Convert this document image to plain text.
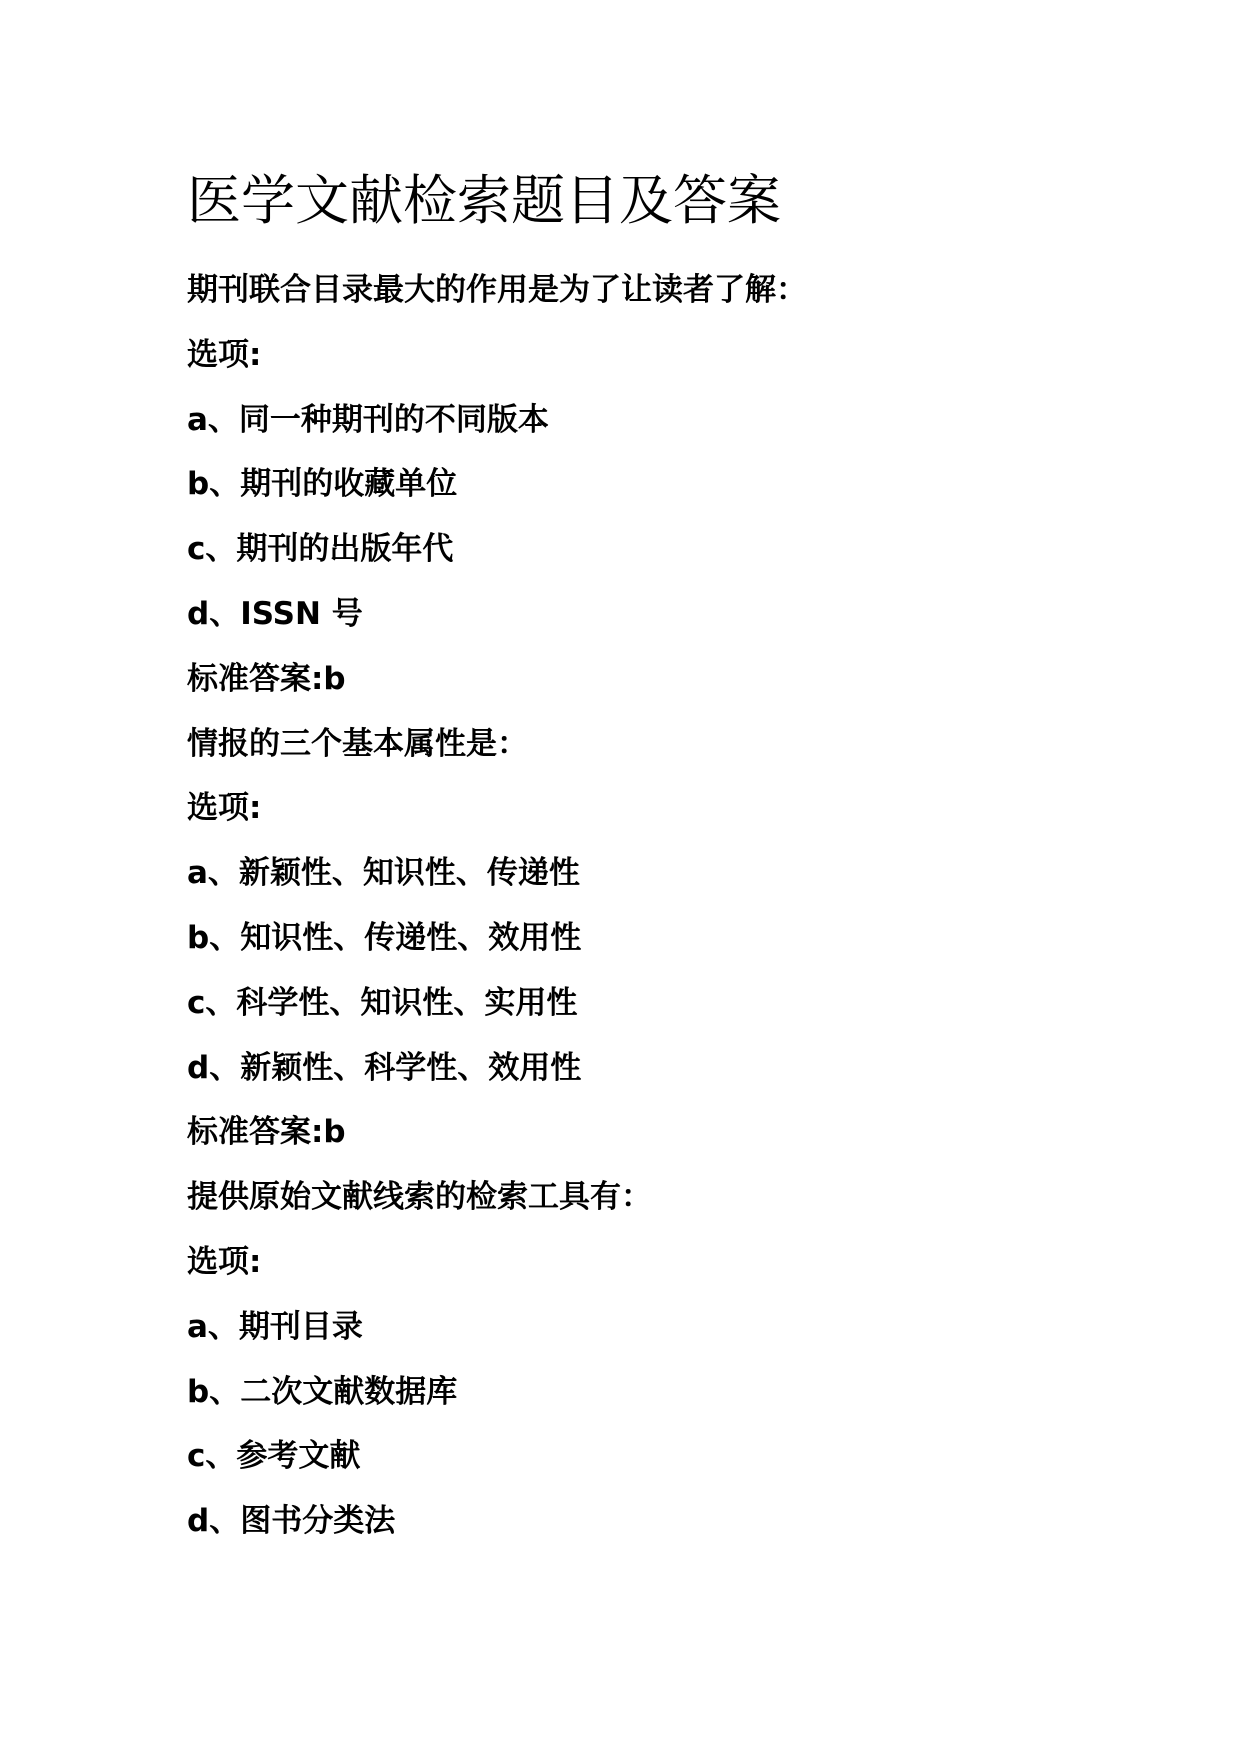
医学文献检索题目及答案
期刊联合目录最大的作用是为了让读者了解：
选项:
a、同一种期刊的不同版本
b、期刊的收藏单位
c、期刊的出版年代
d、ISSN 号
标准答案:b
情报的三个基本属性是：
选项:
a、新颖性、知识性、传递性
b、知识性、传递性、效用性
c、科学性、知识性、实用性
d、新颖性、科学性、效用性
标准答案:b
提供原始文献线索的检索工具有：
选项:
a、期刊目录
b、二次文献数据库
c、参考文献
d、图书分类法
